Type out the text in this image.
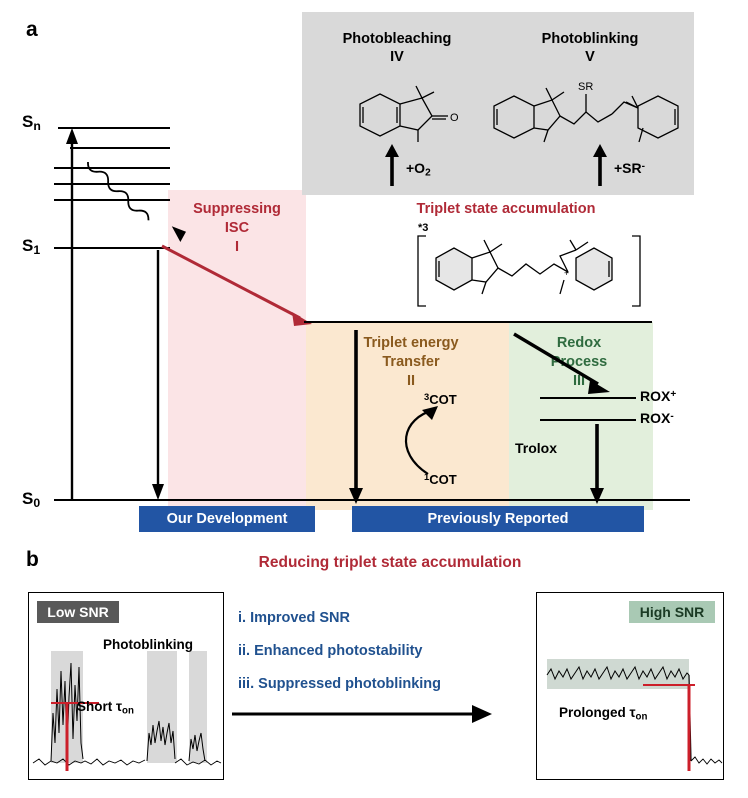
a	Photobleaching
IV
Photoblinking
V
O
SR
$+O_2$	+SR-
Triplet state accumulation
*3
+
$S_n$
$S_1$
$S_0$
Suppressing
ISC
I
Triplet energy
Transfer
II
Redox
Process
III
$^3$COT
$^1$COT
ROX+
ROX-
Trolox
Our Development	Previously Reported
b	Reducing triplet state accumulation
i. Improved SNR
ii. Enhanced photostability
iii. Suppressed photoblinking
Low SNR
Photoblinking
Short $\tau_{on}$
High SNR
Prolonged $\tau_{on}$
